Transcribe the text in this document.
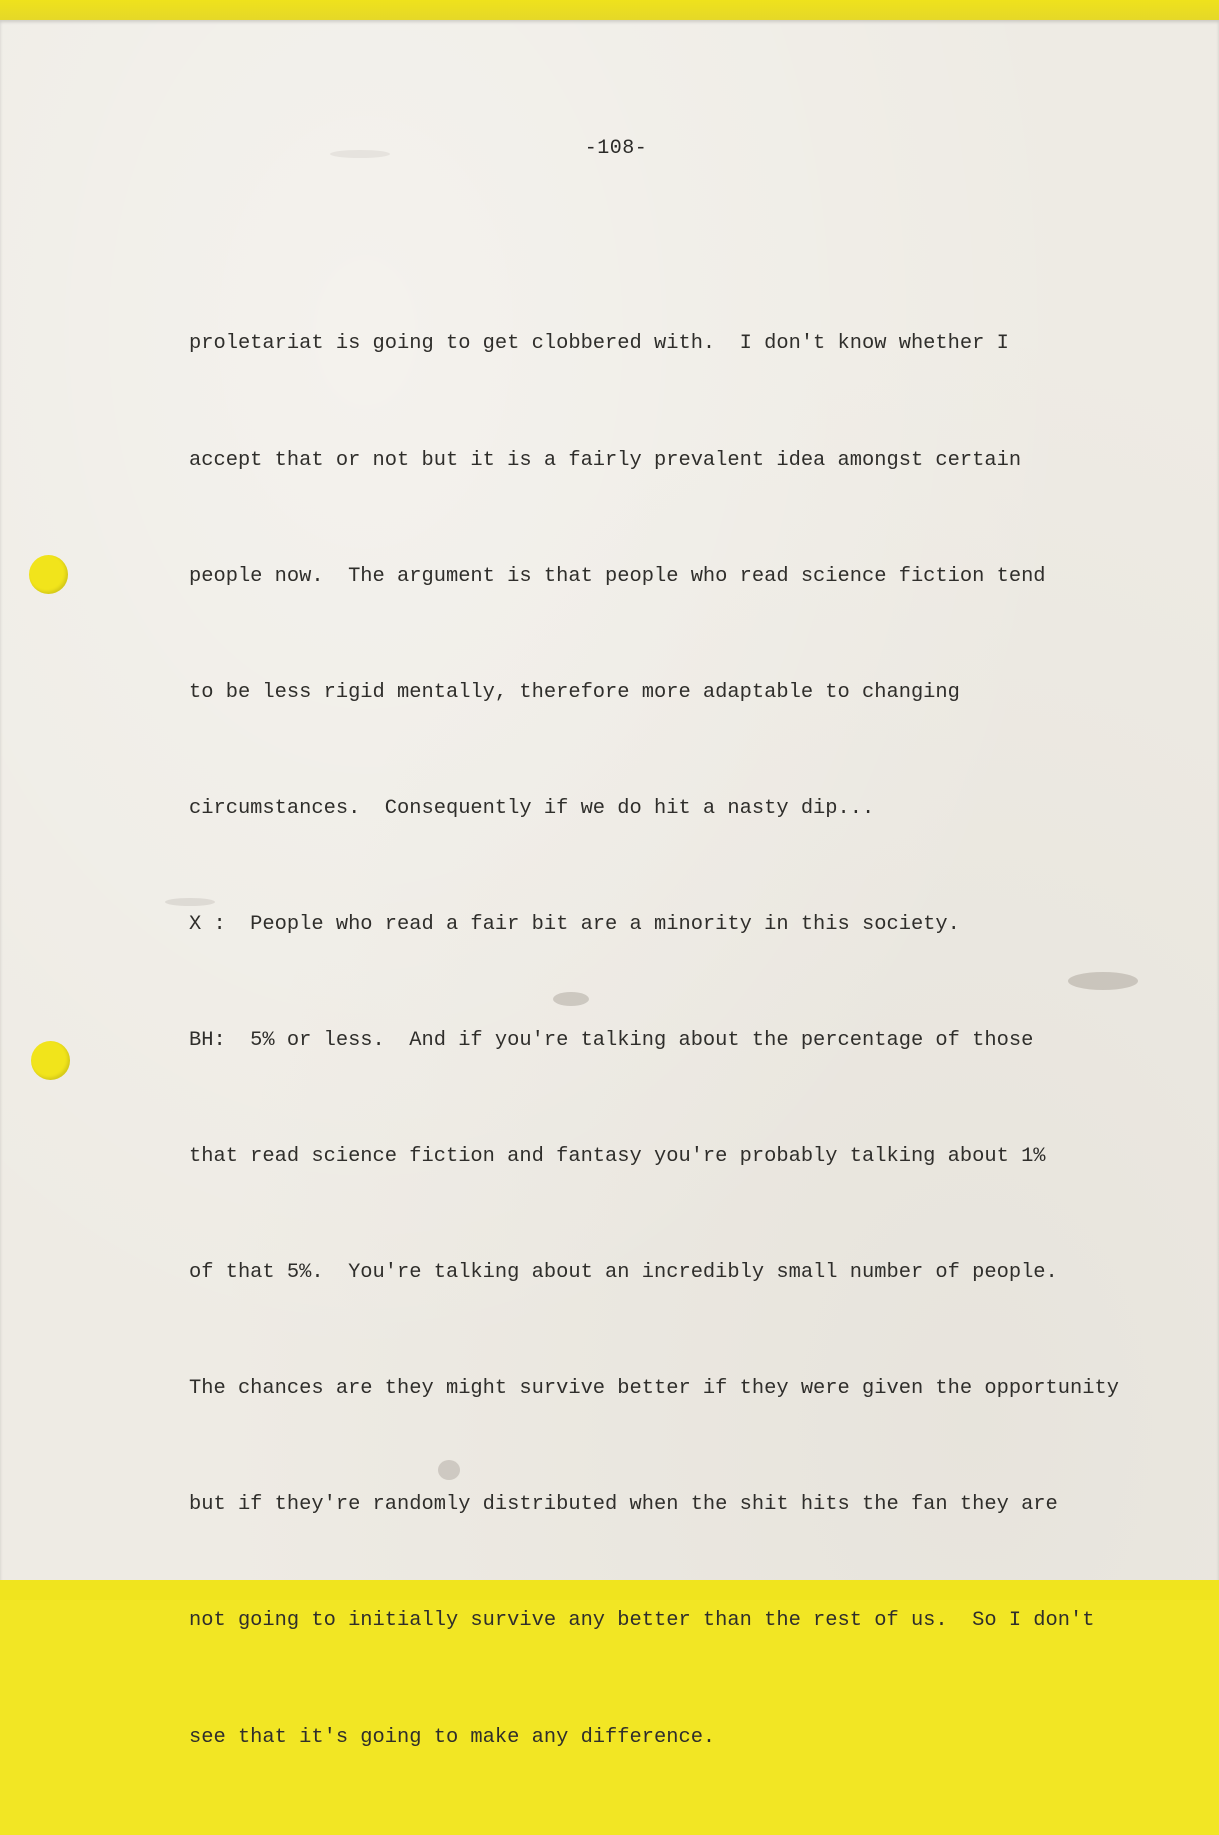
-108-

proletariat is going to get clobbered with.  I don't know whether I

accept that or not but it is a fairly prevalent idea amongst certain

people now.  The argument is that people who read science fiction tend

to be less rigid mentally, therefore more adaptable to changing

circumstances.  Consequently if we do hit a nasty dip...

X :  People who read a fair bit are a minority in this society.

BH:  5% or less.  And if you're talking about the percentage of those

that read science fiction and fantasy you're probably talking about 1%

of that 5%.  You're talking about an incredibly small number of people.

The chances are they might survive better if they were given the opportunity

but if they're randomly distributed when the shit hits the fan they are

not going to initially survive any better than the rest of us.  So I don't

see that it's going to make any difference.
